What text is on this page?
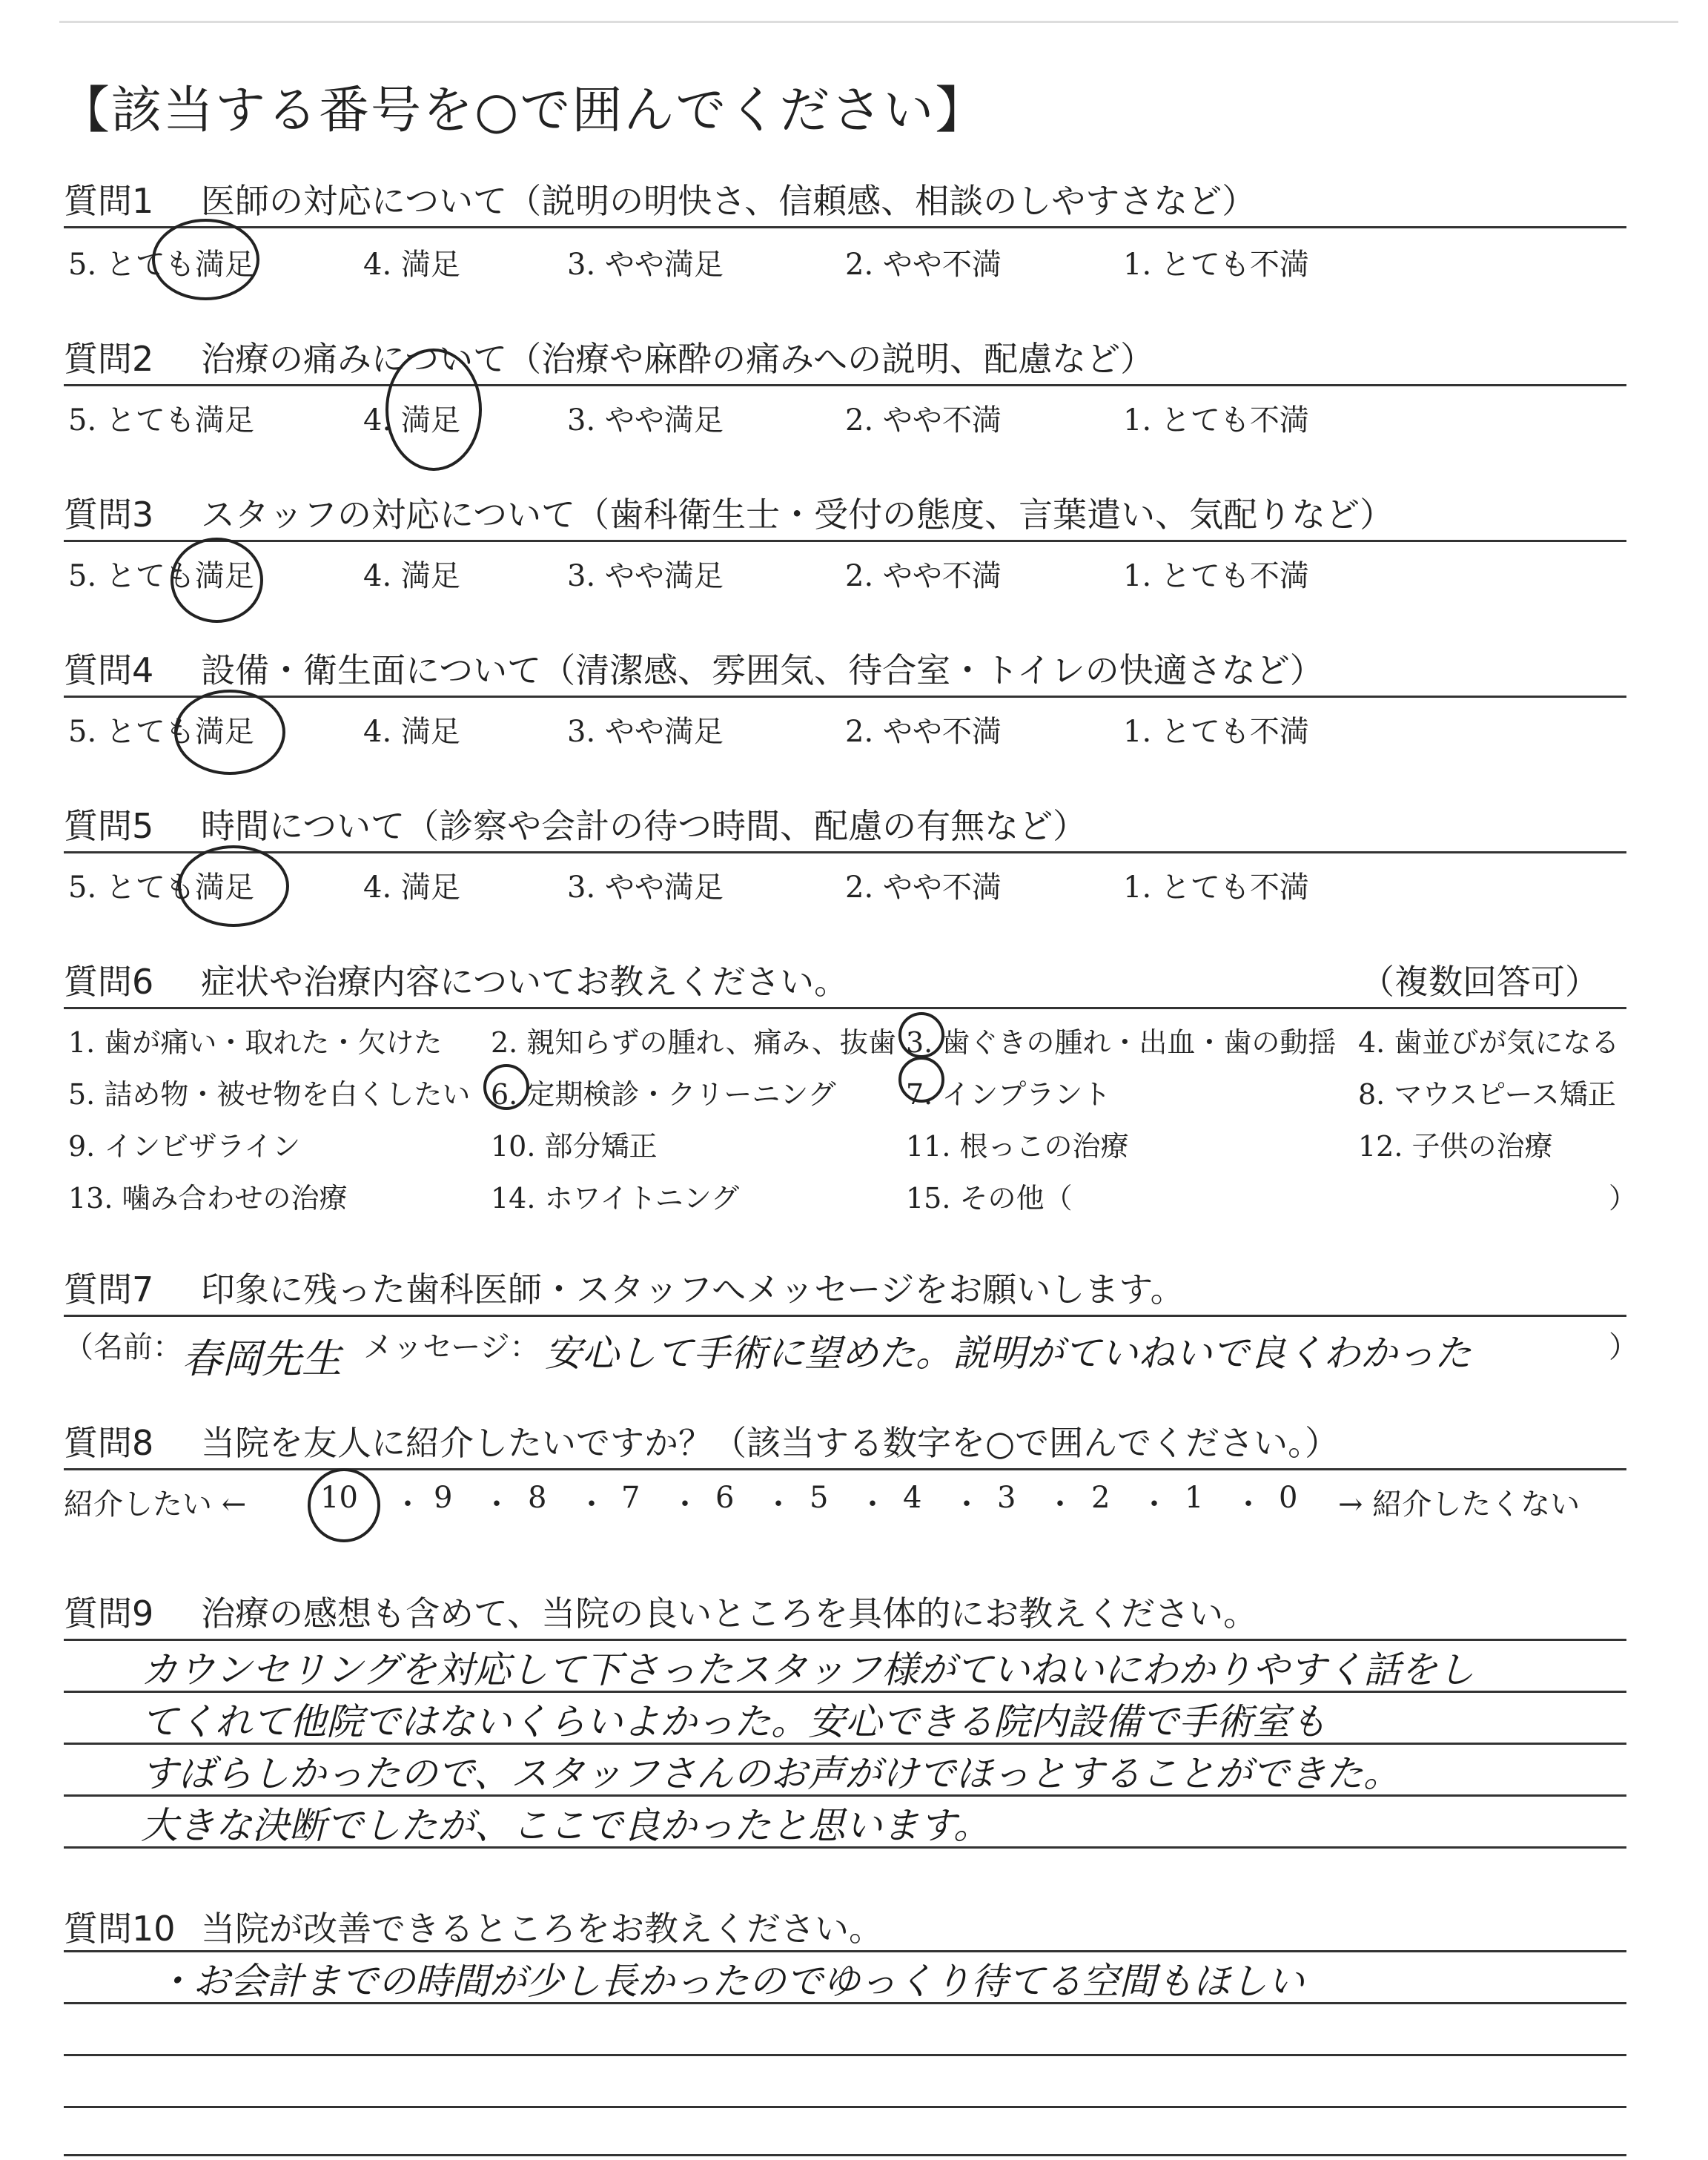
【該当する番号を○で囲んでください】
質問1 医師の対応について（説明の明快さ、信頼感、相談のしやすさなど）
5. とても満足	4. 満足	3. やや満足	2. やや不満	1. とても不満
質問2 治療の痛みについて（治療や麻酔の痛みへの説明、配慮など）
5. とても満足	4. 満足	3. やや満足	2. やや不満	1. とても不満
質問3 スタッフの対応について（歯科衛生士・受付の態度、言葉遣い、気配りなど）
5. とても満足	4. 満足	3. やや満足	2. やや不満	1. とても不満
質問4 設備・衛生面について（清潔感、雰囲気、待合室・トイレの快適さなど）
5. とても満足	4. 満足	3. やや満足	2. やや不満	1. とても不満
質問5 時間について（診察や会計の待つ時間、配慮の有無など）
5. とても満足	4. 満足	3. やや満足	2. やや不満	1. とても不満
質問6 症状や治療内容についてお教えください。	（複数回答可）
1. 歯が痛い・取れた・欠けた 2. 親知らずの腫れ、痛み、抜歯 3. 歯ぐきの腫れ・出血・歯の動揺 4. 歯並びが気になる
5. 詰め物・被せ物を白くしたい 6. 定期検診・クリーニング 7. インプラント	8. マウスピース矯正
9. インビザライン	10. 部分矯正	11. 根っこの治療	12. 子供の治療
13. 噛み合わせの治療	14. ホワイトニング	15. その他（	）
質問7 印象に残った歯科医師・スタッフへメッセージをお願いします。
（名前： 春岡先生 メッセージ： 安心して手術に望めた。説明がていねいで良くわかった	）
質問8 当院を友人に紹介したいですか？（該当する数字を○で囲んでください。）
紹介したい ← 10 ・ 9 ・ 8 ・ 7 ・ 6 ・ 5 ・ 4 ・ 3 ・ 2 ・ 1 ・ 0 → 紹介したくない
質問9 治療の感想も含めて、当院の良いところを具体的にお教えください。
カウンセリングを対応して下さったスタッフ様がていねいにわかりやすく話をし
てくれて他院ではないくらいよかった。安心できる院内設備で手術室も
すばらしかったので、スタッフさんのお声がけでほっとすることができた。
大きな決断でしたが、ここで良かったと思います。
質問10 当院が改善できるところをお教えください。
・お会計までの時間が少し長かったのでゆっくり待てる空間もほしい
